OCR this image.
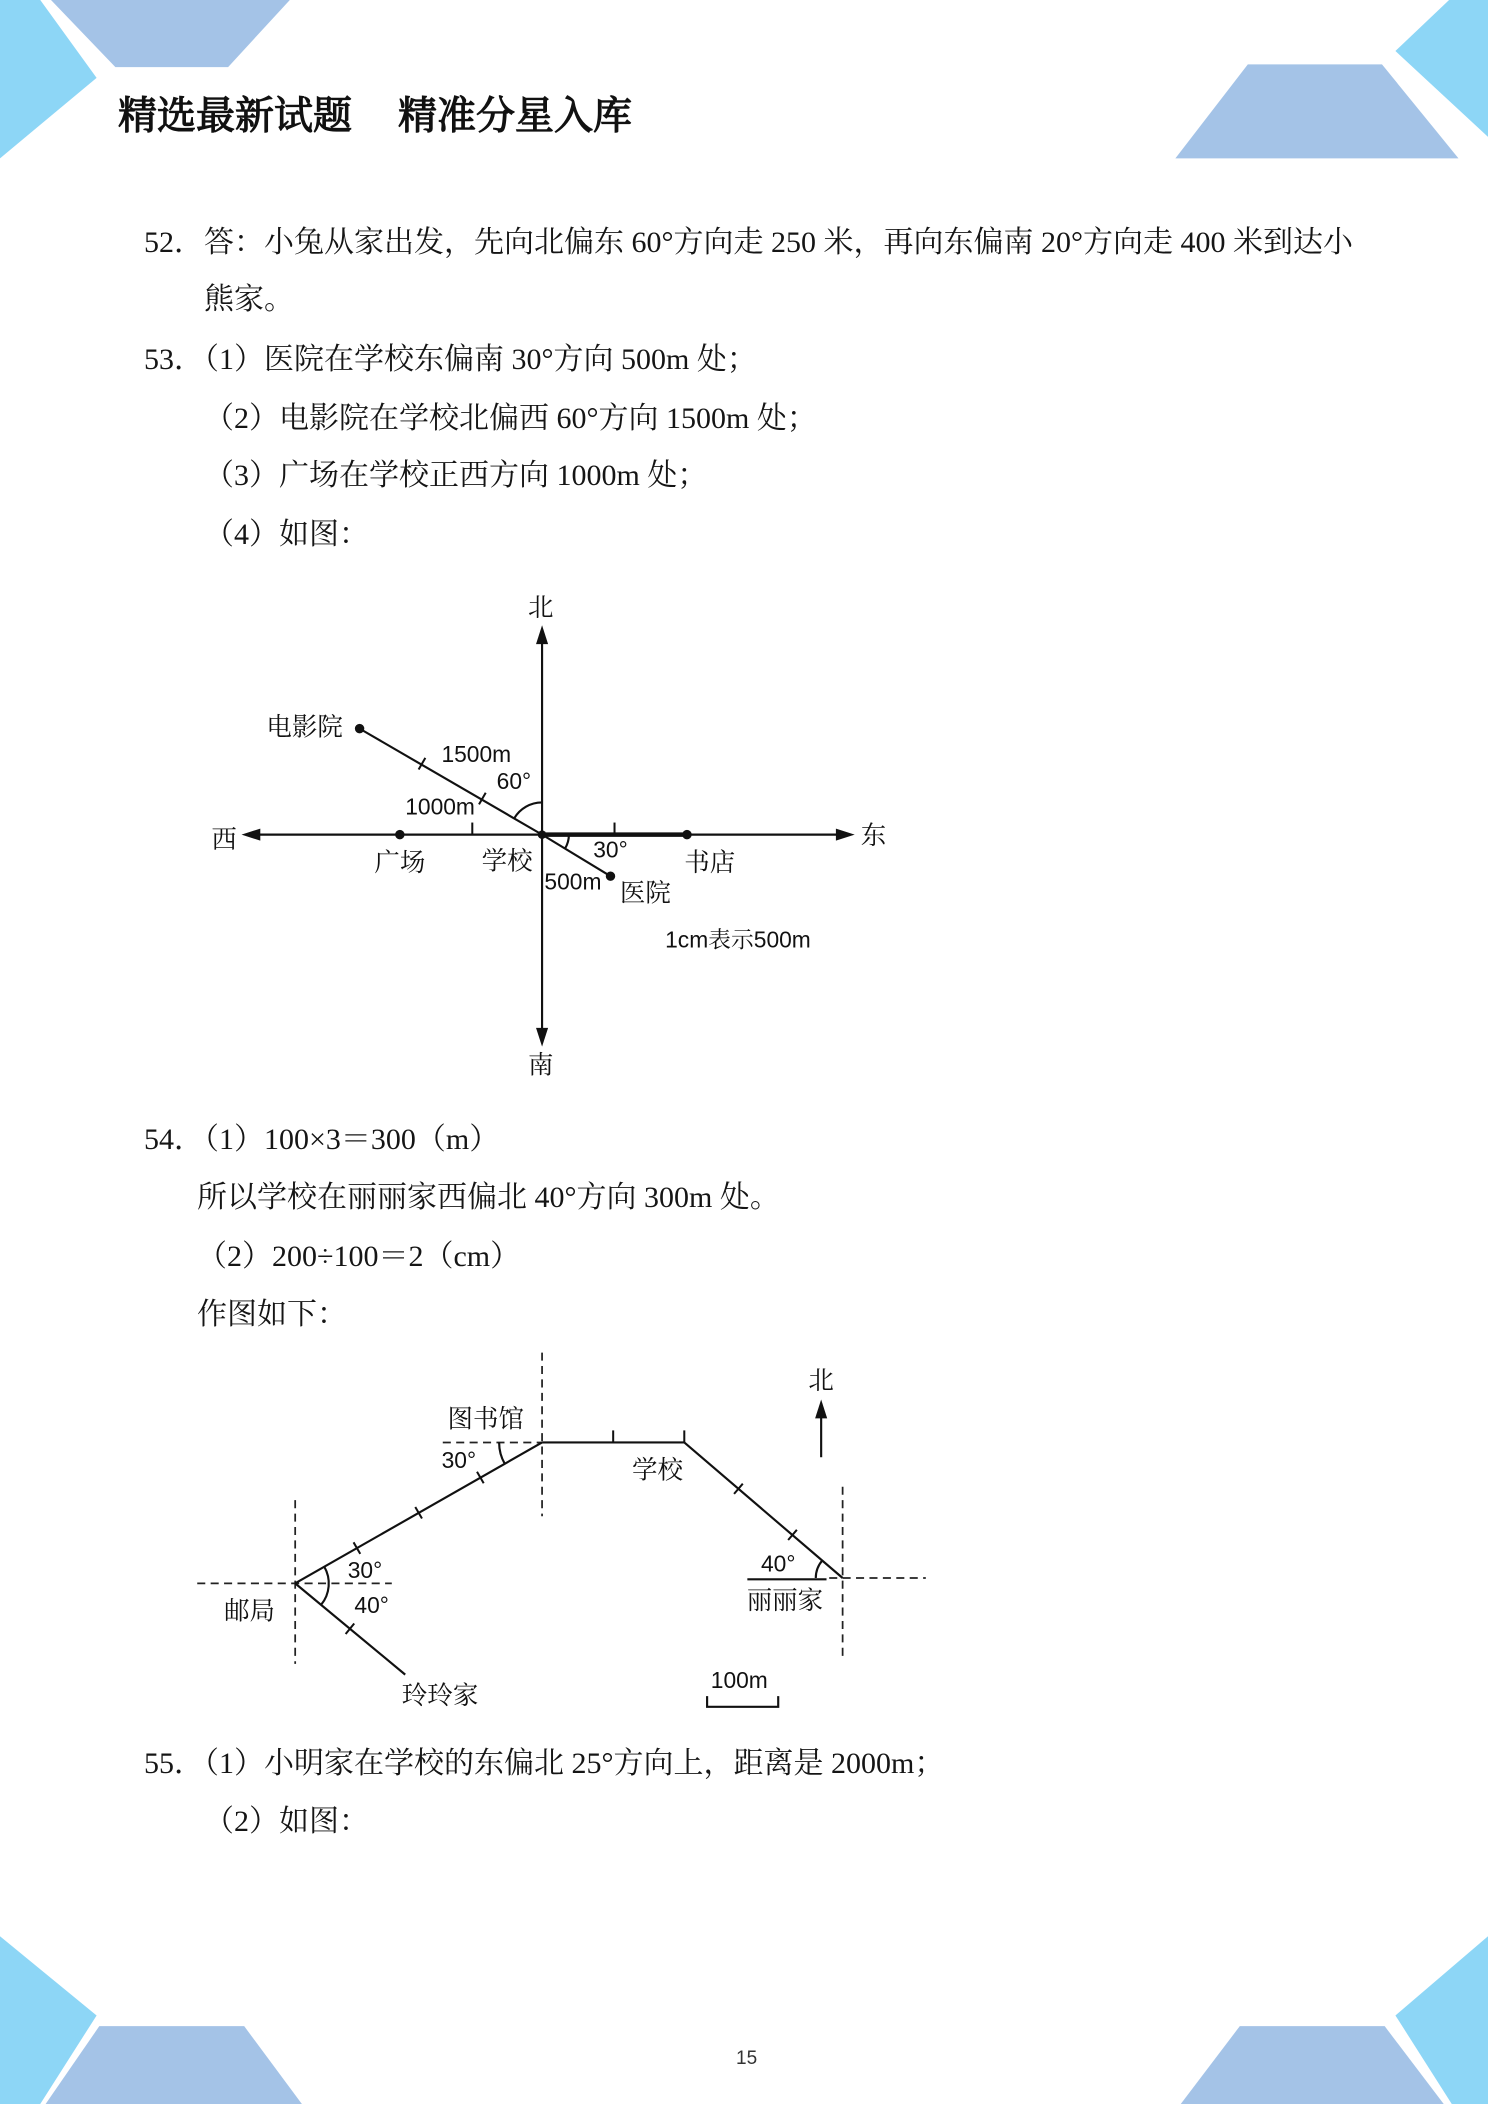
北
南
西	东
学校
电影院
1500m
60°
1000m
广场	书店
30°
500m 医院
1cm表示500m
北
100m
图书馆
30°	学校
40°
丽丽家
30°
40°
邮局
玲玲家
精选最新试题 精准分星入库
52．答：小兔从家出发，先向北偏东 60°方向走 250 米，再向东偏南 20°方向走 400 米到达小
熊家。
53．（1）医院在学校东偏南 30°方向 500m 处；
（2）电影院在学校北偏西 60°方向 1500m 处；
（3）广场在学校正西方向 1000m 处；
（4）如图：
54．（1）100×3＝300（m）
所以学校在丽丽家西偏北 40°方向 300m 处。
（2）200÷100＝2（cm）
作图如下：
55．（1）小明家在学校的东偏北 25°方向上，距离是 2000m；
（2）如图：
15
